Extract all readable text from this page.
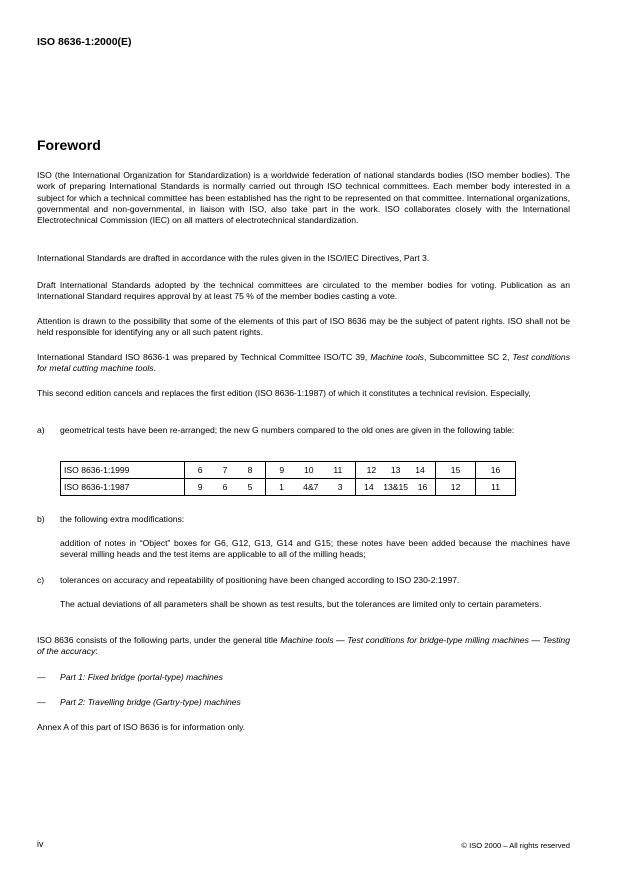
ISO 8636-1:2000(E)
Foreword

ISO (the International Organization for Standardization) is a worldwide federation of national standards bodies (ISO member bodies). The work of preparing International Standards is normally carried out through ISO technical committees. Each member body interested in a subject for which a technical committee has been established has the right to be represented on that committee. International organizations, governmental and non-governmental, in liaison with ISO, also take part in the work. ISO collaborates closely with the International Electrotechnical Commission (IEC) on all matters of electrotechnical standardization.

International Standards are drafted in accordance with the rules given in the ISO/IEC Directives, Part 3.

Draft International Standards adopted by the technical committees are circulated to the member bodies for voting. Publication as an International Standard requires approval by at least 75 % of the member bodies casting a vote.

Attention is drawn to the possibility that some of the elements of this part of ISO 8636 may be the subject of patent rights. ISO shall not be held responsible for identifying any or all such patent rights.

International Standard ISO 8636-1 was prepared by Technical Committee ISO/TC 39, Machine tools, Subcommittee SC 2, Test conditions for metal cutting machine tools.

This second edition cancels and replaces the first edition (ISO 8636-1:1987) of which it constitutes a technical revision. Especially,

a) geometrical tests have been re-arranged; the new G numbers compared to the old ones are given in the following table:

ISO 8636-1:1999	6 7 8	9 10 11	12 13 14	15	16
ISO 8636-1:1987	9 6 5	1 4&7 3	14 13&15 16	12	11
b) the following extra modifications:

addition of notes in “Object” boxes for G6, G12, G13, G14 and G15; these notes have been added because the machines have several milling heads and the test items are applicable to all of the milling heads;

c) tolerances on accuracy and repeatability of positioning have been changed according to ISO 230-2:1997.

The actual deviations of all parameters shall be shown as test results, but the tolerances are limited only to certain parameters.

ISO 8636 consists of the following parts, under the general title Machine tools — Test conditions for bridge-type milling machines — Testing of the accuracy:

— Part 1: Fixed bridge (portal-type) machines
— Part 2: Travelling bridge (Gartry-type) machines

Annex A of this part of ISO 8636 is for information only.

iv	© ISO 2000 – All rights reserved
